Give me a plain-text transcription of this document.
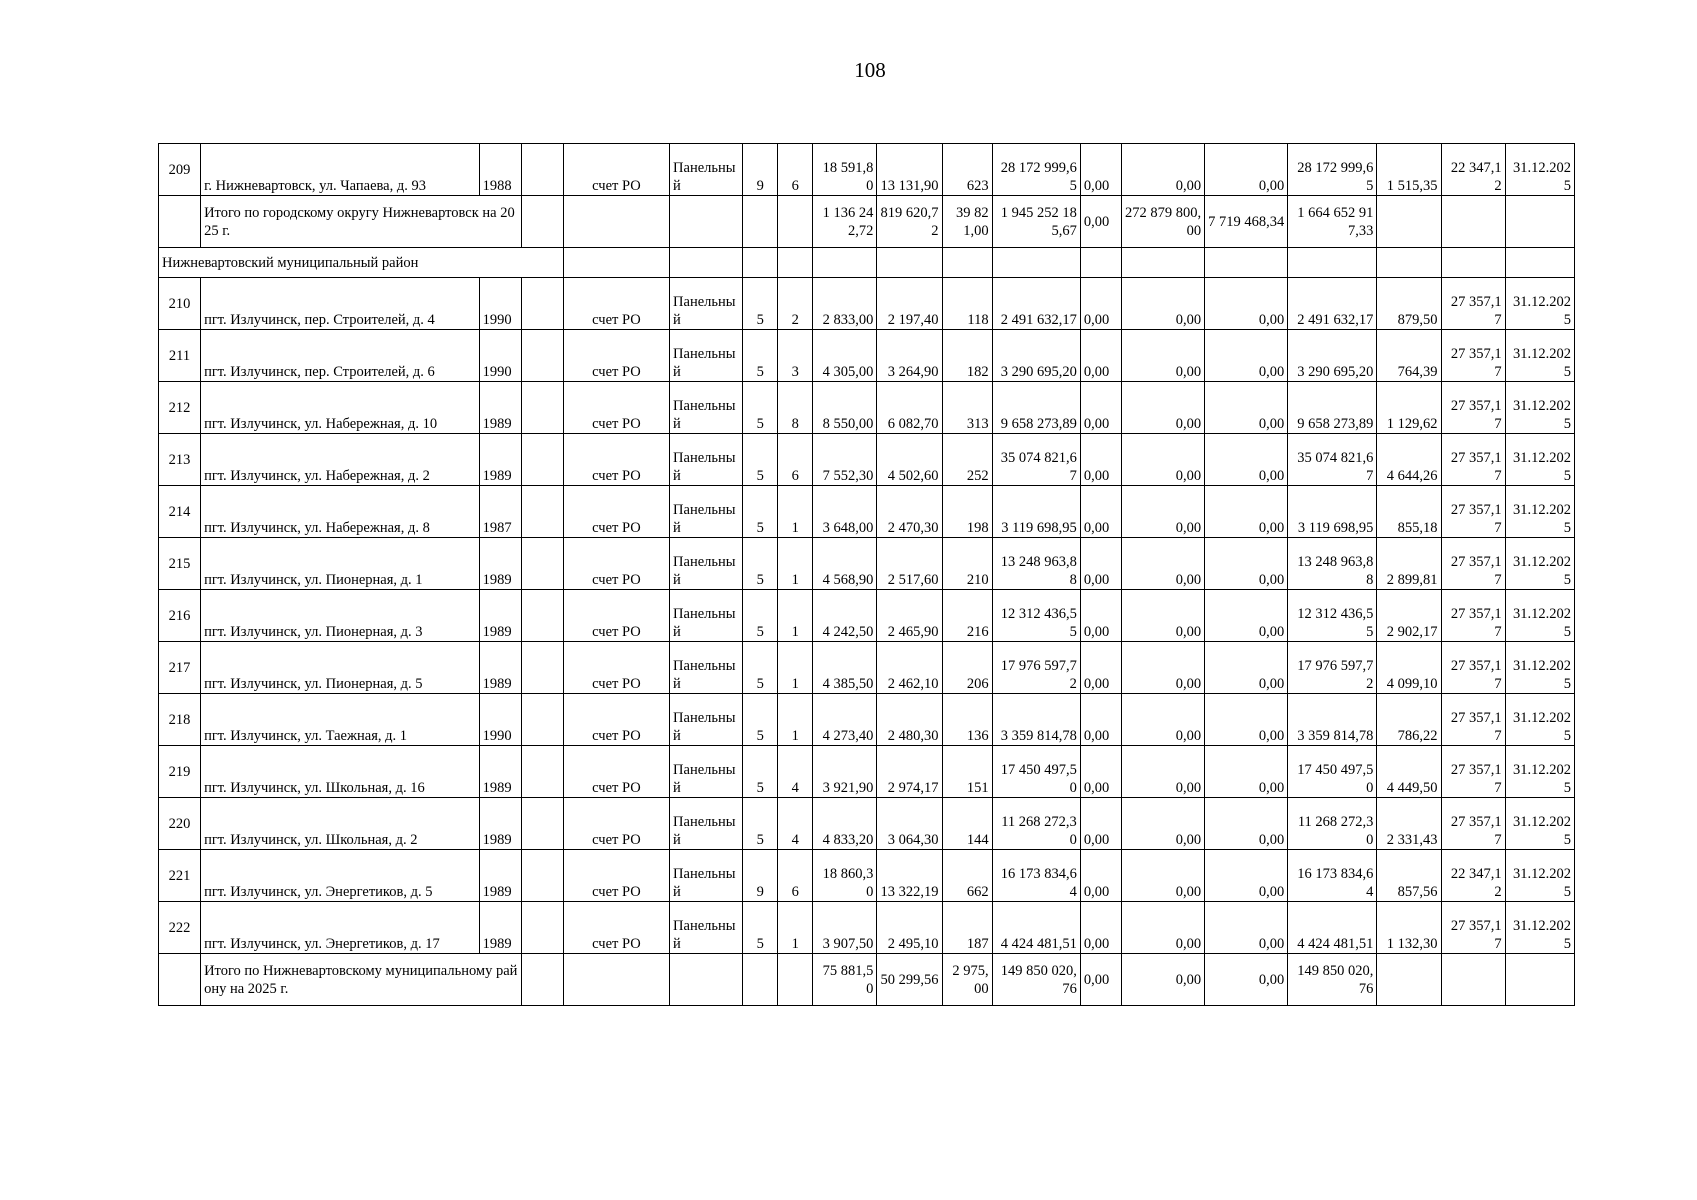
108
209	г. Нижневартовск, ул. Чапаева, д. 93	1988		счет РО	Панельный	9	6	18 591,80	13 131,90	623	28 172 999,65	0,00	0,00	0,00	28 172 999,65	1 515,35	22 347,12	31.12.2025
	Итого по городскому округу Нижневартовск на 2025 г.							1 136 242,72	819 620,72	39 821,00	1 945 252 185,67	0,00	272 879 800,00	7 719 468,34	1 664 652 917,33			
Нижневартовский муниципальный район																		
210	пгт. Излучинск, пер. Строителей, д. 4	1990		счет РО	Панельный	5	2	2 833,00	2 197,40	118	2 491 632,17	0,00	0,00	0,00	2 491 632,17	879,50	27 357,17	31.12.2025
211	пгт. Излучинск, пер. Строителей, д. 6	1990		счет РО	Панельный	5	3	4 305,00	3 264,90	182	3 290 695,20	0,00	0,00	0,00	3 290 695,20	764,39	27 357,17	31.12.2025
212	пгт. Излучинск, ул. Набережная, д. 10	1989		счет РО	Панельный	5	8	8 550,00	6 082,70	313	9 658 273,89	0,00	0,00	0,00	9 658 273,89	1 129,62	27 357,17	31.12.2025
213	пгт. Излучинск, ул. Набережная, д. 2	1989		счет РО	Панельный	5	6	7 552,30	4 502,60	252	35 074 821,67	0,00	0,00	0,00	35 074 821,67	4 644,26	27 357,17	31.12.2025
214	пгт. Излучинск, ул. Набережная, д. 8	1987		счет РО	Панельный	5	1	3 648,00	2 470,30	198	3 119 698,95	0,00	0,00	0,00	3 119 698,95	855,18	27 357,17	31.12.2025
215	пгт. Излучинск, ул. Пионерная, д. 1	1989		счет РО	Панельный	5	1	4 568,90	2 517,60	210	13 248 963,88	0,00	0,00	0,00	13 248 963,88	2 899,81	27 357,17	31.12.2025
216	пгт. Излучинск, ул. Пионерная, д. 3	1989		счет РО	Панельный	5	1	4 242,50	2 465,90	216	12 312 436,55	0,00	0,00	0,00	12 312 436,55	2 902,17	27 357,17	31.12.2025
217	пгт. Излучинск, ул. Пионерная, д. 5	1989		счет РО	Панельный	5	1	4 385,50	2 462,10	206	17 976 597,72	0,00	0,00	0,00	17 976 597,72	4 099,10	27 357,17	31.12.2025
218	пгт. Излучинск, ул. Таежная, д. 1	1990		счет РО	Панельный	5	1	4 273,40	2 480,30	136	3 359 814,78	0,00	0,00	0,00	3 359 814,78	786,22	27 357,17	31.12.2025
219	пгт. Излучинск, ул. Школьная, д. 16	1989		счет РО	Панельный	5	4	3 921,90	2 974,17	151	17 450 497,50	0,00	0,00	0,00	17 450 497,50	4 449,50	27 357,17	31.12.2025
220	пгт. Излучинск, ул. Школьная, д. 2	1989		счет РО	Панельный	5	4	4 833,20	3 064,30	144	11 268 272,30	0,00	0,00	0,00	11 268 272,30	2 331,43	27 357,17	31.12.2025
221	пгт. Излучинск, ул. Энергетиков, д. 5	1989		счет РО	Панельный	9	6	18 860,30	13 322,19	662	16 173 834,64	0,00	0,00	0,00	16 173 834,64	857,56	22 347,12	31.12.2025
222	пгт. Излучинск, ул. Энергетиков, д. 17	1989		счет РО	Панельный	5	1	3 907,50	2 495,10	187	4 424 481,51	0,00	0,00	0,00	4 424 481,51	1 132,30	27 357,17	31.12.2025
	Итого по Нижневартовскому муниципальному району на 2025 г.							75 881,50	50 299,56	2 975,00	149 850 020,76	0,00	0,00	0,00	149 850 020,76			
